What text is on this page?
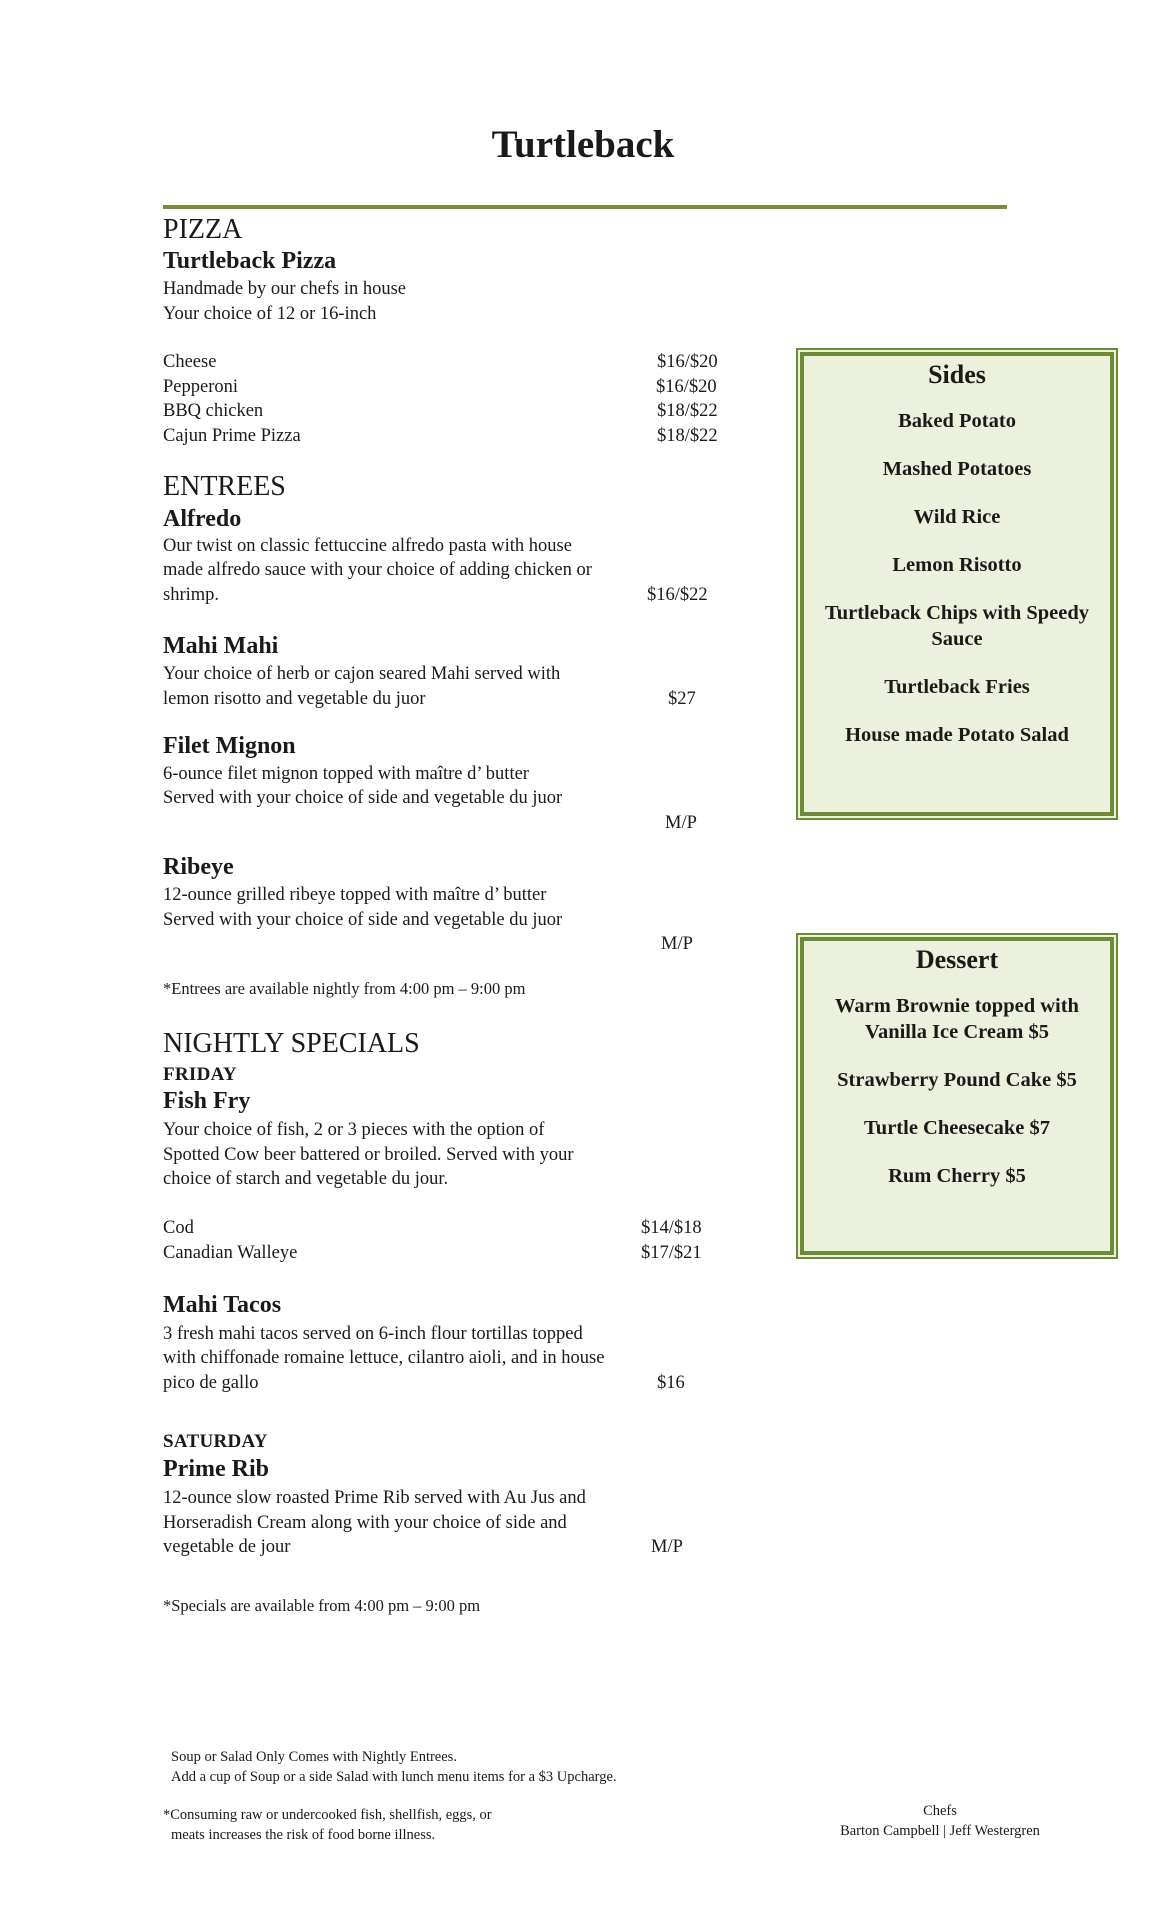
Turtleback
PIZZA
Turtleback Pizza
Handmade by our chefs in house
Your choice of 12 or 16-inch
Cheese	$16/$20
Pepperoni	$16/$20
BBQ chicken	$18/$22
Cajun Prime Pizza	$18/$22
ENTREES
Alfredo
Our twist on classic fettuccine alfredo pasta with house
made alfredo sauce with your choice of adding chicken or
shrimp.	$16/$22
Mahi Mahi
Your choice of herb or cajon seared Mahi served with
lemon risotto and vegetable du juor	$27
Filet Mignon
6-ounce filet mignon topped with maître d’ butter
Served with your choice of side and vegetable du juor
M/P
Ribeye
12-ounce grilled ribeye topped with maître d’ butter
Served with your choice of side and vegetable du juor
M/P
*Entrees are available nightly from 4:00 pm – 9:00 pm
NIGHTLY SPECIALS
FRIDAY
Fish Fry
Your choice of fish, 2 or 3 pieces with the option of
Spotted Cow beer battered or broiled. Served with your
choice of starch and vegetable du jour.
Cod	$14/$18
Canadian Walleye	$17/$21
Mahi Tacos
3 fresh mahi tacos served on 6-inch flour tortillas topped
with chiffonade romaine lettuce, cilantro aioli, and in house
pico de gallo	$16
SATURDAY
Prime Rib
12-ounce slow roasted Prime Rib served with Au Jus and
Horseradish Cream along with your choice of side and
vegetable de jour	M/P
*Specials are available from 4:00 pm – 9:00 pm
Sides
Baked Potato
Mashed Potatoes
Wild Rice
Lemon Risotto
Turtleback Chips with Speedy Sauce
Turtleback Fries
House made Potato Salad
Dessert
Warm Brownie topped with Vanilla Ice Cream $5
Strawberry Pound Cake $5
Turtle Cheesecake $7
Rum Cherry $5
Soup or Salad Only Comes with Nightly Entrees.
Add a cup of Soup or a side Salad with lunch menu items for a $3 Upcharge.
*Consuming raw or undercooked fish, shellfish, eggs, or
meats increases the risk of food borne illness.
Chefs
Barton Campbell | Jeff Westergren
